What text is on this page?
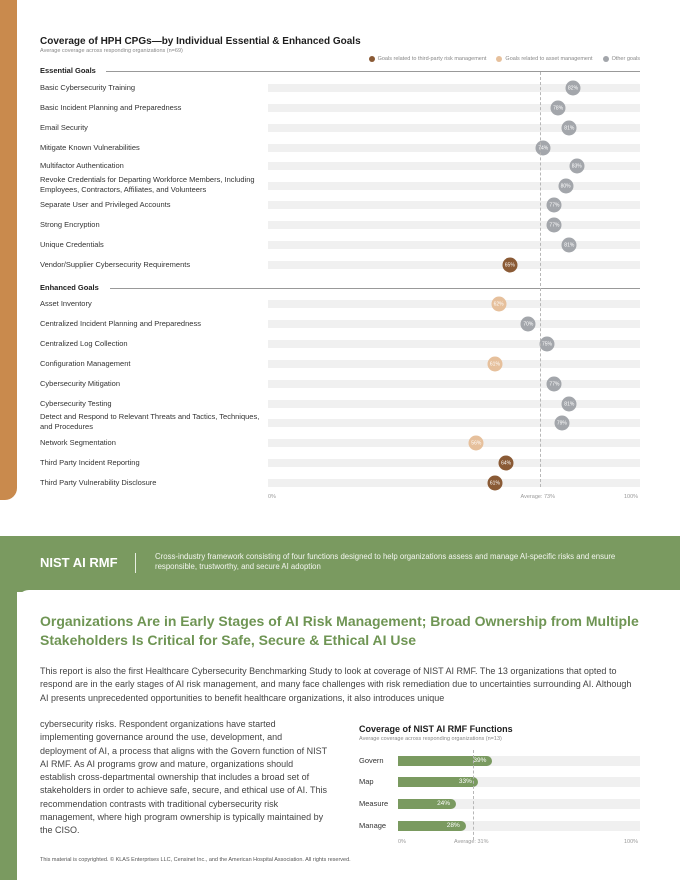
Coverage of HPH CPGs—by Individual Essential & Enhanced Goals
Average coverage across responding organizations (n=69)
Goals related to third-party risk management	Goals related to asset management	Other goals
Essential Goals
Enhanced Goals
Basic Cybersecurity Training	82%
Basic Incident Planning and Preparedness	78%
Email Security	81%
Mitigate Known Vulnerabilities	74%
Multifactor Authentication	83%
Revoke Credentials for Departing Workforce Members, Including Employees, Contractors, Affiliates, and Volunteers	80%
Separate User and Privileged Accounts	77%
Strong Encryption	77%
Unique Credentials	81%
Vendor/Supplier Cybersecurity Requirements	65%
Asset Inventory	62%
Centralized Incident Planning and Preparedness	70%
Centralized Log Collection	75%
Configuration Management	61%
Cybersecurity Mitigation	77%
Cybersecurity Testing	81%
Detect and Respond to Relevant Threats and Tactics, Techniques, and Procedures	79%
Network Segmentation	56%
Third Party Incident Reporting	64%
Third Party Vulnerability Disclosure	61%
0%	Average: 73%	100%
NIST AI RMF	Cross-industry framework consisting of four functions designed to help organizations assess and manage AI-specific risks and ensure responsible, trustworthy, and secure AI adoption
Organizations Are in Early Stages of AI Risk Management; Broad Ownership from Multiple Stakeholders Is Critical for Safe, Secure & Ethical AI Use
This report is also the first Healthcare Cybersecurity Benchmarking Study to look at coverage of NIST AI RMF. The 13 organizations that opted to respond are in the early stages of AI risk management, and many face challenges with risk remediation due to uncertainties surrounding AI. Although AI presents unprecedented opportunities to benefit healthcare organizations, it also introduces unique
cybersecurity risks. Respondent organizations have started implementing governance around the use, development, and deployment of AI, a process that aligns with the Govern function of NIST AI RMF. As AI programs grow and mature, organizations should establish cross-departmental ownership that includes a broad set of stakeholders in order to achieve safe, secure, and ethical use of AI. This recommendation contrasts with traditional cybersecurity risk management, where high program ownership is typically maintained by the CISO.
Coverage of NIST AI RMF Functions
Average coverage across responding organizations (n=13)
Govern	39%
Map	33%
Measure	24%
Manage	28%
0%	Average: 31%	100%
This material is copyrighted. © KLAS Enterprises LLC, Censinet Inc., and the American Hospital Association. All rights reserved.
